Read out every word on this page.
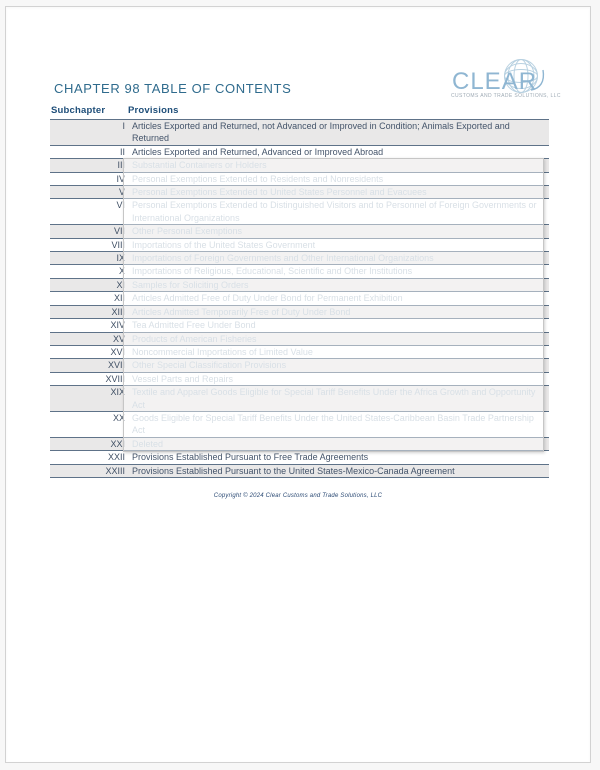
CHAPTER 98 TABLE OF CONTENTS	CLEAR
CUSTOMS AND TRADE SOLUTIONS, LLC
Subchapter Provisions
I Articles Exported and Returned, not Advanced or Improved in Condition; Animals Exported and Returned
II Articles Exported and Returned, Advanced or Improved Abroad
III Substantial Containers or Holders
IV Personal Exemptions Extended to Residents and Nonresidents
V Personal Exemptions Extended to United States Personnel and Evacuees
VI Personal Exemptions Extended to Distinguished Visitors and to Personnel of Foreign Governments or International Organizations
VII Other Personal Exemptions
VIII Importations of the United States Government
IX Importations of Foreign Governments and Other International Organizations
X Importations of Religious, Educational, Scientific and Other Institutions
XI Samples for Soliciting Orders
XII Articles Admitted Free of Duty Under Bond for Permanent Exhibition
XIII Articles Admitted Temporarily Free of Duty Under Bond
XIV Tea Admitted Free Under Bond
XV Products of American Fisheries
XVI Noncommercial Importations of Limited Value
XVII Other Special Classification Provisions
XVIII Vessel Parts and Repairs
XIX Textile and Apparel Goods Eligible for Special Tariff Benefits Under the Africa Growth and Opportunity Act
XX Goods Eligible for Special Tariff Benefits Under the United States-Caribbean Basin Trade Partnership Act
XXI Deleted
XXII Provisions Established Pursuant to Free Trade Agreements
XXIII Provisions Established Pursuant to the United States-Mexico-Canada Agreement
Copyright © 2024 Clear Customs and Trade Solutions, LLC
